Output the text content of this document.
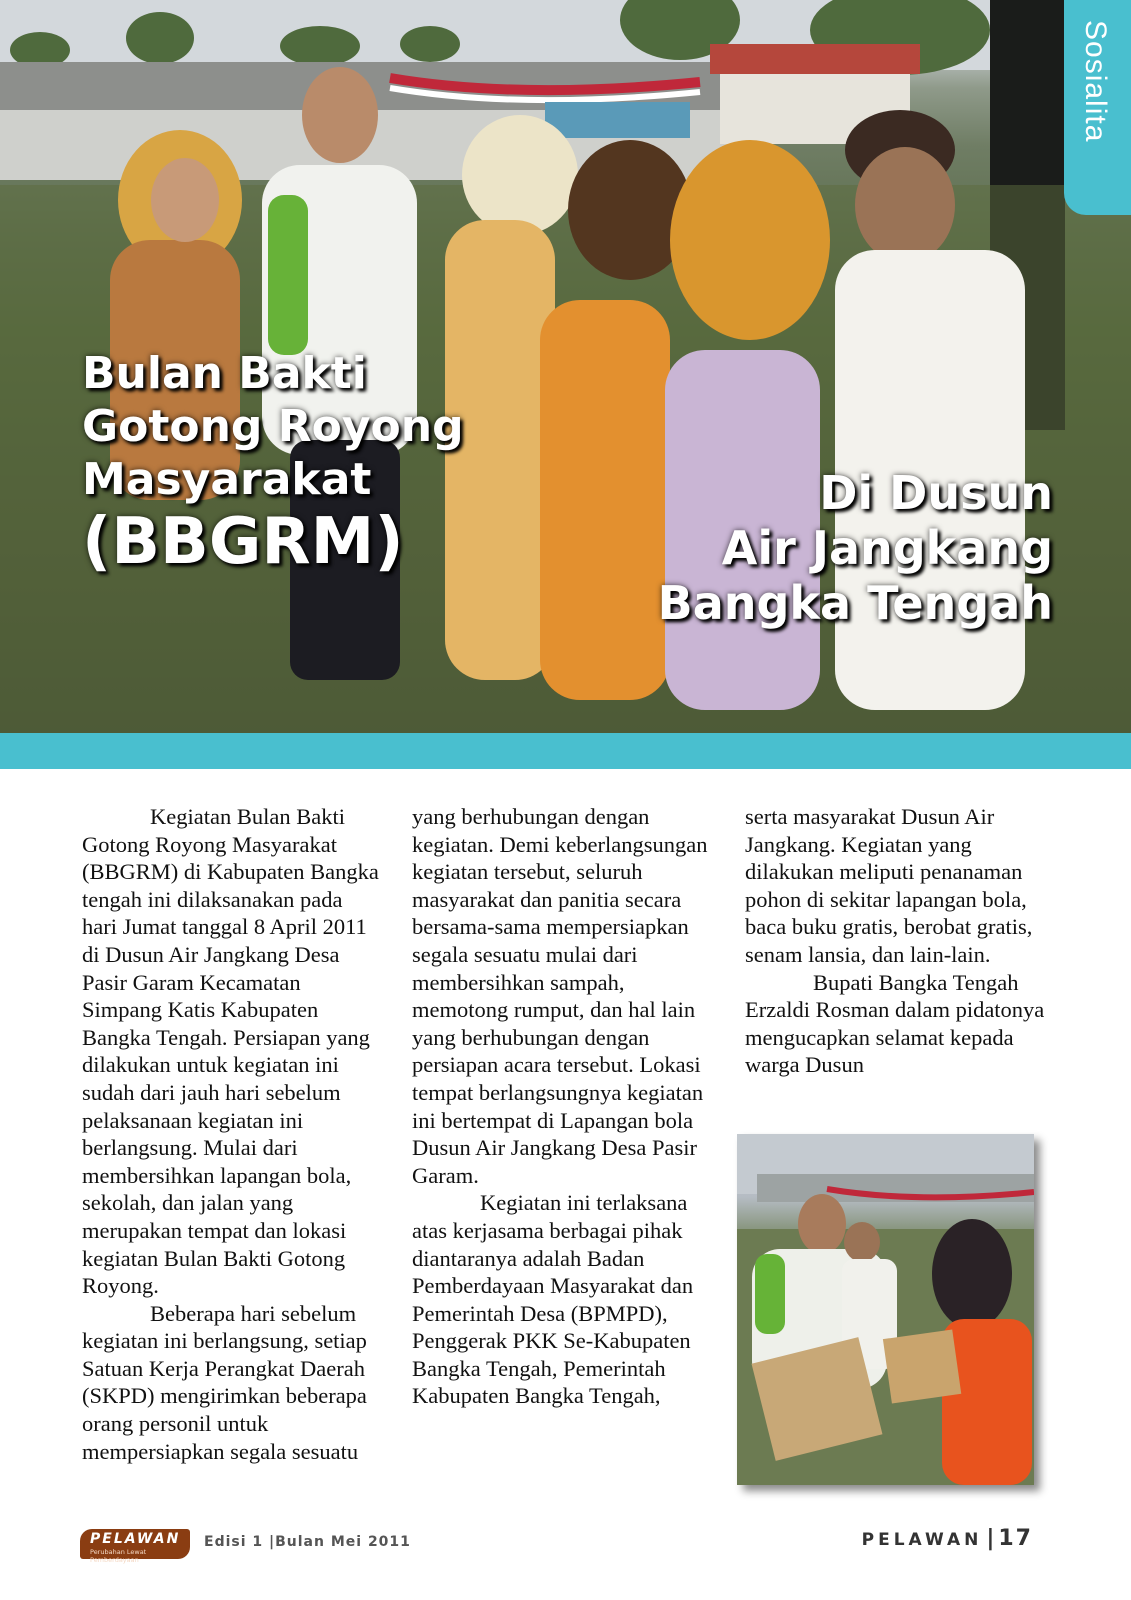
Bulan Bakti
Gotong Royong
Masyarakat
(BBGRM)
Di Dusun
Air Jangkang
Bangka Tengah
Sosialita

Kegiatan Bulan Bakti Gotong Royong Masyarakat (BBGRM) di Kabupaten Bangka tengah ini dilaksanakan pada hari Jumat tanggal 8 April 2011 di Dusun Air Jangkang Desa Pasir Garam Kecamatan Simpang Katis Kabupaten Bangka Tengah. Persiapan yang dilakukan untuk kegiatan ini sudah dari jauh hari sebelum pelaksanaan kegiatan ini berlangsung. Mulai dari membersihkan lapangan bola, sekolah, dan jalan yang merupakan tempat dan lokasi kegiatan Bulan Bakti Gotong Royong.

Beberapa hari sebelum kegiatan ini berlangsung, setiap Satuan Kerja Perangkat Daerah (SKPD) mengirimkan beberapa orang personil untuk mempersiapkan segala sesuatu

yang berhubungan dengan kegiatan. Demi keberlangsungan kegiatan tersebut, seluruh masyarakat dan panitia secara bersama-sama mempersiapkan segala sesuatu mulai dari membersihkan sampah, memotong rumput, dan hal lain yang berhubungan dengan persiapan acara tersebut. Lokasi tempat berlangsungnya kegiatan ini bertempat di Lapangan bola Dusun Air Jangkang Desa Pasir Garam.

Kegiatan ini terlaksana atas kerjasama berbagai pihak diantaranya adalah Badan Pemberdayaan Masyarakat dan Pemerintah Desa (BPMPD), Penggerak PKK Se-Kabupaten Bangka Tengah, Pemerintah Kabupaten Bangka Tengah,

serta masyarakat Dusun Air Jangkang. Kegiatan yang dilakukan meliputi penanaman pohon di sekitar lapangan bola, baca buku gratis, berobat gratis, senam lansia, dan lain-lain.

Bupati Bangka Tengah Erzaldi Rosman dalam pidatonya mengucapkan selamat kepada warga Dusun

PELAWAN
Perubahan Lewat Pemberdayaan
Edisi 1 |Bulan Mei 2011	PELAWAN | 17
